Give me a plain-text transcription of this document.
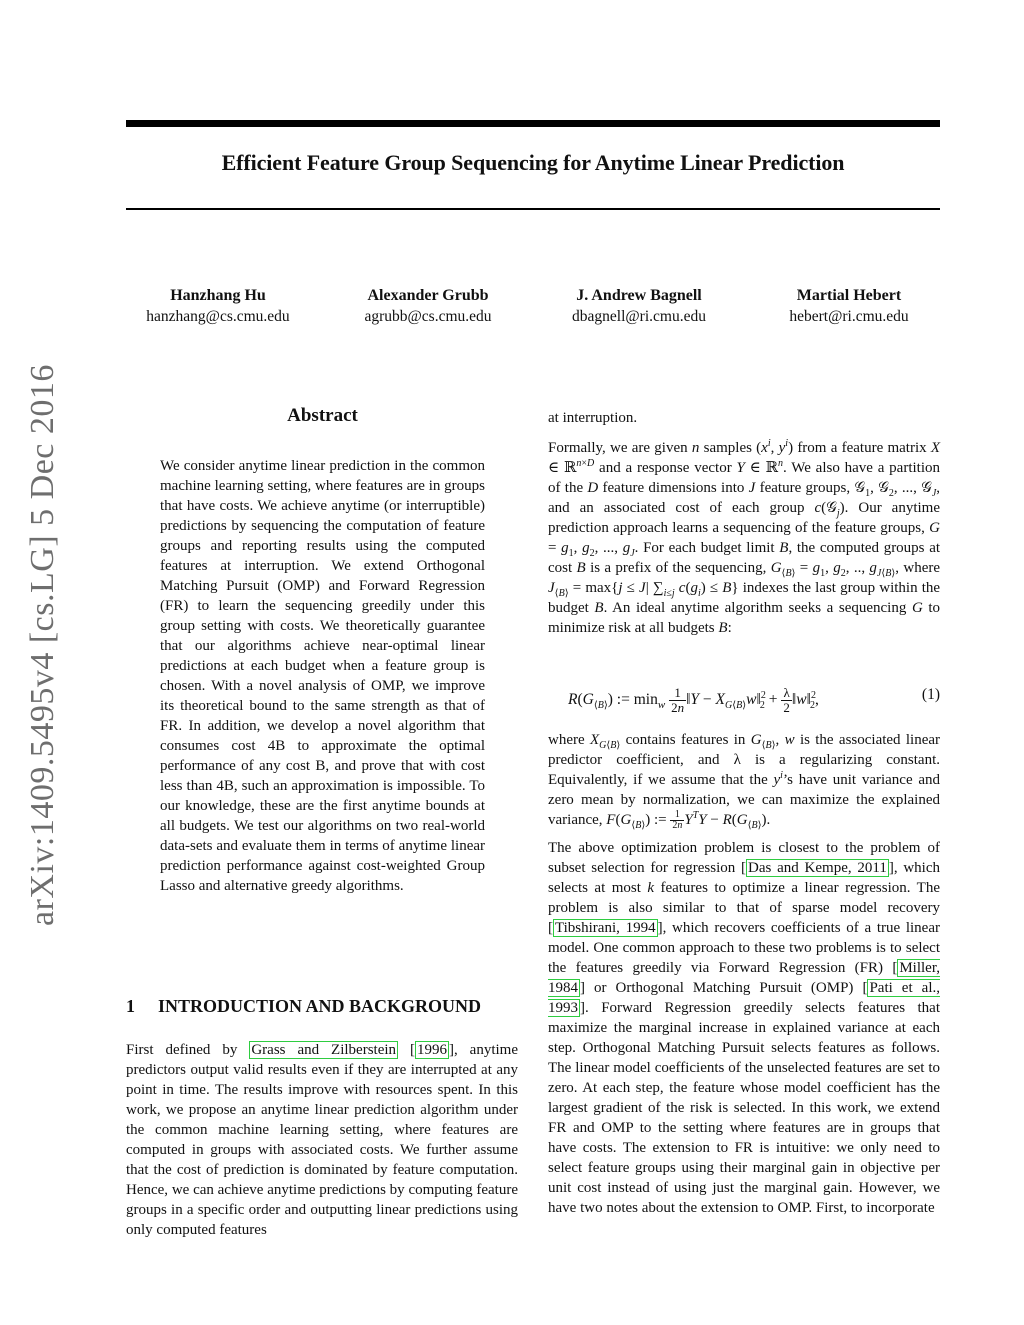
Efficient Feature Group Sequencing for Anytime Linear Prediction
Hanzhang Hu
hanzhang@cs.cmu.edu
Alexander Grubb
agrubb@cs.cmu.edu
J. Andrew Bagnell
dbagnell@ri.cmu.edu
Martial Hebert
hebert@ri.cmu.edu
arXiv:1409.5495v4 [cs.LG] 5 Dec 2016	Abstract
We consider anytime linear prediction in the common machine learning setting, where features are in groups that have costs. We achieve anytime (or interruptible) predictions by sequencing the computation of feature groups and reporting results using the computed features at interruption. We extend Orthogonal Matching Pursuit (OMP) and Forward Regression (FR) to learn the sequencing greedily under this group setting with costs. We theoretically guarantee that our algorithms achieve near-optimal linear predictions at each budget when a feature group is chosen. With a novel analysis of OMP, we improve its theoretical bound to the same strength as that of FR. In addition, we develop a novel algorithm that consumes cost 4B to approximate the optimal performance of any cost B, and prove that with cost less than 4B, such an approximation is impossible. To our knowledge, these are the first anytime bounds at all budgets. We test our algorithms on two real-world data-sets and evaluate them in terms of anytime linear prediction performance against cost-weighted Group Lasso and alternative greedy algorithms.
1 INTRODUCTION AND BACKGROUND
First defined by Grass and Zilberstein [ 1996 ], anytime predictors output valid results even if they are interrupted at any point in time. The results improve with resources spent. In this work, we propose an anytime linear prediction algorithm under the common machine learning setting, where features are computed in groups with associated costs. We further assume that the cost of prediction is dominated by feature computation. Hence, we can achieve anytime predictions by computing feature groups in a specific order and outputting linear predictions using only computed features
at interruption.
Formally, we are given n samples ($x^i$, $y^i$) from a feature matrix X ∈ ℝ$^{n\times D}$ and a response vector Y ∈ ℝ$^n$. We also have a partition of the D feature dimensions into J feature groups, 𝒢$_1$, 𝒢$_2$, ..., 𝒢$_J$, and an associated cost of each group c(𝒢$_j$). Our anytime prediction approach learns a sequencing of the feature groups, $G = g_1$, $g_2$, ..., $g_J$. For each budget limit B, the computed groups at cost B is a prefix of the sequencing, $G_{⟨B⟩} = g_1$, $g_2$, .., $g_{J⟨B⟩}$, where $J_{⟨B⟩} = \max\{j \le J|$ $\sum_{i\le j}$ $c(g_i) \le B$} indexes the last group within the budget B. An ideal anytime algorithm seeks a sequencing G to minimize risk at all budgets B:
$R(G_{⟨B⟩})$ := $\min_w \frac{1}{2n}$ ‖Y − $X_{G⟨B⟩}w‖^2_2 + \frac{\lambda}{2}$ ‖w‖$^2_2$,	(1)
where $X_{G⟨B⟩}$ contains features in $G_{⟨B⟩}$, w is the associated linear predictor coefficient, and λ is a regularizing constant. Equivalently, if we assume that the $y^i’s$ have unit variance and zero mean by normalization, we can maximize the explained variance, $F(G_{⟨B⟩})$ := $\frac{1}{2n} Y^TY - R(G_{⟨B⟩})$.
The above optimization problem is closest to the problem of subset selection for regression [ Das and Kempe, 2011 ], which selects at most k features to optimize a linear regression. The problem is also similar to that of sparse model recovery [ Tibshirani, 1994 ], which recovers coefficients of a true linear model. One common approach to these two problems is to select the features greedily via Forward Regression (FR) [ Miller, 1984 ] or Orthogonal Matching Pursuit (OMP) [ Pati et al., 1993 ]. Forward Regression greedily selects features that maximize the marginal increase in explained variance at each step. Orthogonal Matching Pursuit selects features as follows. The linear model coefficients of the unselected features are set to zero. At each step, the feature whose model coefficient has the largest gradient of the risk is selected. In this work, we extend FR and OMP to the setting where features are in groups that have costs. The extension to FR is intuitive: we only need to select feature groups using their marginal gain in objective per unit cost instead of using just the marginal gain. However, we have two notes about the extension to OMP. First, to incorporate
